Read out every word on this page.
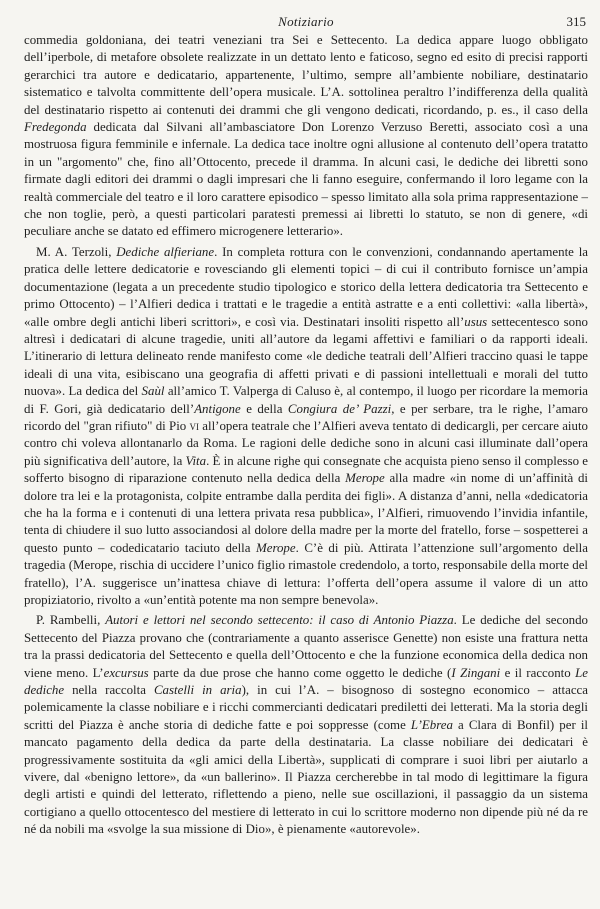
Notiziario	315

commedia goldoniana, dei teatri veneziani tra Sei e Settecento. La dedica appare luogo obbligato dell’iperbole, di metafore obsolete realizzate in un dettato lento e faticoso, segno ed esito di precisi rapporti gerarchici tra autore e dedicatario, appartenente, l’ultimo, sempre all’ambiente nobiliare, destinatario sistematico e talvolta committente dell’opera musicale. L’A. sottolinea peraltro l’indifferenza della qualità del destinatario rispetto ai contenuti dei drammi che gli vengono dedicati, ricordando, p. es., il caso della Fredegonda dedicata dal Silvani all’ambasciatore Don Lorenzo Verzuso Beretti, associato così a una mostruosa figura femminile e infernale. La dedica tace inoltre ogni allusione al contenuto dell’opera tratatto in un "argomento" che, fino all’Ottocento, precede il dramma. In alcuni casi, le dediche dei libretti sono firmate dagli editori dei drammi o dagli impresari che li fanno eseguire, confermando il loro legame con la realtà commerciale del teatro e il loro carattere episodico – spesso limitato alla sola prima rappresentazione – che non toglie, però, a questi particolari paratesti premessi ai libretti lo statuto, se non di genere, «di peculiare anche se datato ed effimero microgenere letterario».

M. A. Terzoli, Dediche alfieriane. In completa rottura con le convenzioni, condannando apertamente la pratica delle lettere dedicatorie e rovesciando gli elementi topici – di cui il contributo fornisce un’ampia documentazione (legata a un precedente studio tipologico e storico della lettera dedicatoria tra Settecento e primo Ottocento) – l’Alfieri dedica i trattati e le tragedie a entità astratte e a enti collettivi: «alla libertà», «alle ombre degli antichi liberi scrittori», e così via. Destinatari insoliti rispetto all’usus settecentesco sono altresì i dedicatari di alcune tragedie, uniti all’autore da legami affettivi e familiari o da rapporti ideali. L’itinerario di lettura delineato rende manifesto come «le dediche teatrali dell’Alfieri traccino quasi le tappe ideali di una vita, esibiscano una geografia di affetti privati e di passioni intellettuali e morali del tutto nuova». La dedica del Saùl all’amico T. Valperga di Caluso è, al contempo, il luogo per ricordare la memoria di F. Gori, già dedicatario dell’Antigone e della Congiura de’ Pazzi, e per serbare, tra le righe, l’amaro ricordo del "gran rifiuto" di Pio vi all’opera teatrale che l’Alfieri aveva tentato di dedicargli, per cercare aiuto contro chi voleva allontanarlo da Roma. Le ragioni delle dediche sono in alcuni casi illuminate dall’opera più significativa dell’autore, la Vita. È in alcune righe qui consegnate che acquista pieno senso il complesso e sofferto bisogno di riparazione contenuto nella dedica della Merope alla madre «in nome di un’affinità di dolore tra lei e la protagonista, colpite entrambe dalla perdita dei figli». A distanza d’anni, nella «dedicatoria che ha la forma e i contenuti di una lettera privata resa pubblica», l’Alfieri, rimuovendo l’invidia infantile, tenta di chiudere il suo lutto associandosi al dolore della madre per la morte del fratello, forse – sospetterei a questo punto – codedicatario taciuto della Merope. C’è di più. Attirata l’attenzione sull’argomento della tragedia (Merope, rischia di uccidere l’unico figlio rimastole credendolo, a torto, responsabile della morte del fratello), l’A. suggerisce un’inattesa chiave di lettura: l’offerta dell’opera assume il valore di un atto propiziatorio, rivolto a «un’entità potente ma non sempre benevola».

P. Rambelli, Autori e lettori nel secondo settecento: il caso di Antonio Piazza. Le dediche del secondo Settecento del Piazza provano che (contrariamente a quanto asserisce Genette) non esiste una frattura netta tra la prassi dedicatoria del Settecento e quella dell’Ottocento e che la funzione economica della dedica non viene meno. L’excursus parte da due prose che hanno come oggetto le dediche (I Zingani e il racconto Le dediche nella raccolta Castelli in aria), in cui l’A. – bisognoso di sostegno economico – attacca polemicamente la classe nobiliare e i ricchi commercianti dedicatari prediletti dei letterati. Ma la storia degli scritti del Piazza è anche storia di dediche fatte e poi soppresse (come L’Ebrea a Clara di Bonfil) per il mancato pagamento della dedica da parte della destinataria. La classe nobiliare dei dedicatari è progressivamente sostituita da «gli amici della Libertà», supplicati di comprare i suoi libri per aiutarlo a vivere, dal «benigno lettore», da «un ballerino». Il Piazza cercherebbe in tal modo di legittimare la figura degli artisti e quindi del letterato, riflettendo a pieno, nelle sue oscillazioni, il passaggio da un sistema cortigiano a quello ottocentesco del mestiere di letterato in cui lo scrittore moderno non dipende più né da re né da nobili ma «svolge la sua missione di Dio», è pienamente «autorevole».
